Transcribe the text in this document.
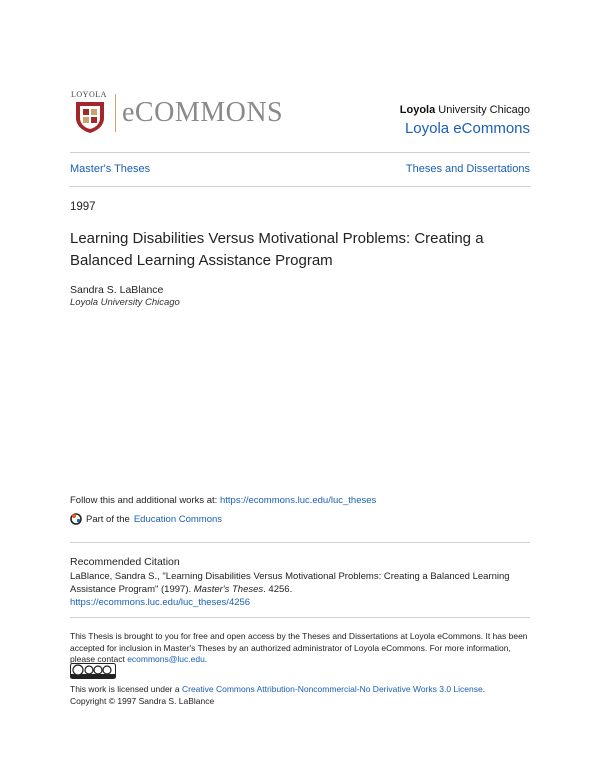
LOYOLA
eCOMMONS	Loyola University Chicago
Loyola eCommons
Master's Theses	Theses and Dissertations
1997
Learning Disabilities Versus Motivational Problems: Creating a Balanced Learning Assistance Program
Sandra S. LaBlance
Loyola University Chicago
Follow this and additional works at: https://ecommons.luc.edu/luc_theses
Part of the Education Commons
Recommended Citation
LaBlance, Sandra S., "Learning Disabilities Versus Motivational Problems: Creating a Balanced Learning Assistance Program" (1997). Master's Theses. 4256.
https://ecommons.luc.edu/luc_theses/4256
This Thesis is brought to you for free and open access by the Theses and Dissertations at Loyola eCommons. It has been accepted for inclusion in Master's Theses by an authorized administrator of Loyola eCommons. For more information, please contact ecommons@luc.edu.
This work is licensed under a Creative Commons Attribution-Noncommercial-No Derivative Works 3.0 License.
Copyright © 1997 Sandra S. LaBlance
